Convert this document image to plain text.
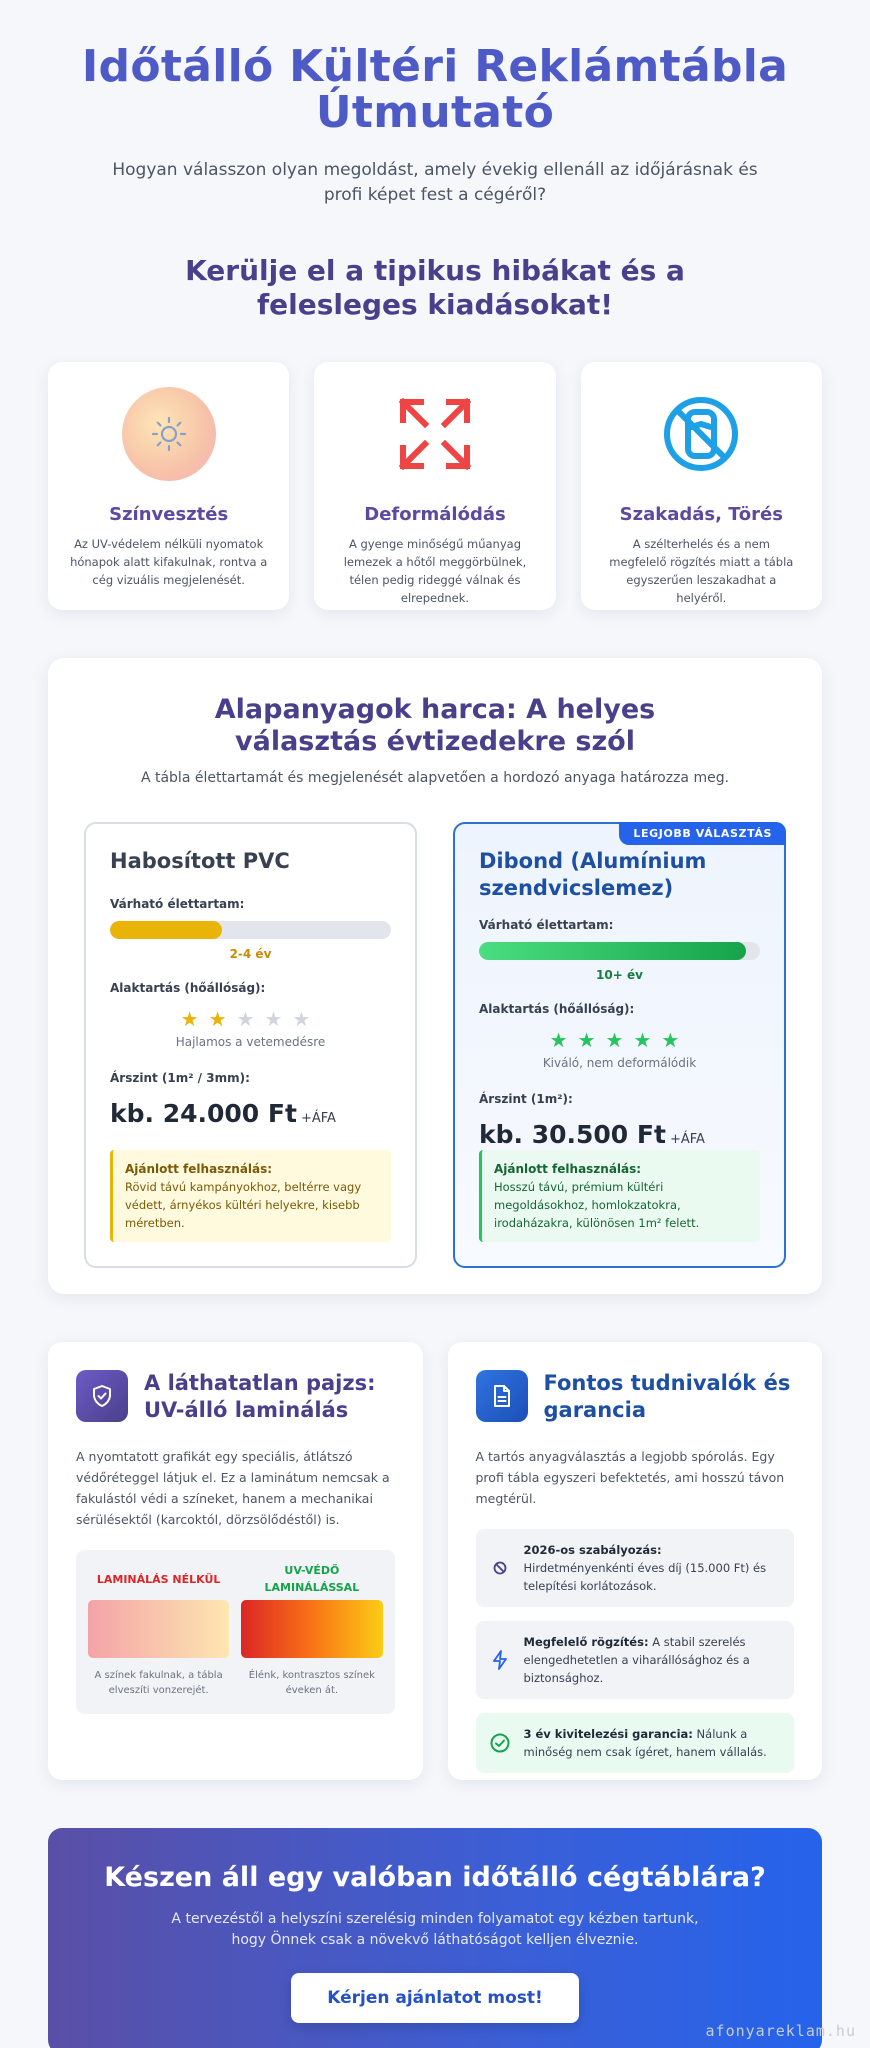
Időtálló Kültéri Reklámtábla Útmutató

Hogyan válasszon olyan megoldást, amely évekig ellenáll az időjárásnak és profi képet fest a cégéről?

Kerülje el a tipikus hibákat és a felesleges kiadásokat!
Színvesztés

Az UV-védelem nélküli nyomatok hónapok alatt kifakulnak, rontva a cég vizuális megjelenését.

Deformálódás

A gyenge minőségű műanyag lemezek a hőtől meggörbülnek, télen pedig rideggé válnak és elrepednek.

Szakadás, Törés

A szélterhelés és a nem megfelelő rögzítés miatt a tábla egyszerűen leszakadhat a helyéről.

Alapanyagok harca: A helyes választás évtizedekre szól

A tábla élettartamát és megjelenését alapvetően a hordozó anyaga határozza meg.

Habosított PVC
Várható élettartam:
2-4 év
Alaktartás (hőállóság):
★★★★★
Hajlamos a vetemedésre
Árszint (1m² / 3mm):
kb. 24.000 Ft +ÁFA
Ajánlott felhasználás:
Rövid távú kampányokhoz, beltérre vagy védett, árnyékos kültéri helyekre, kisebb méretben.
LEGJOBB VÁLASZTÁS
Dibond (Alumínium szendvicslemez)
Várható élettartam:
10+ év
Alaktartás (hőállóság):
★★★★★
Kiváló, nem deformálódik
Árszint (1m²):
kb. 30.500 Ft +ÁFA
Ajánlott felhasználás:
Hosszú távú, prémium kültéri megoldásokhoz, homlokzatokra, irodaházakra, különösen 1m² felett.
A láthatatlan pajzs: UV-álló laminálás

A nyomtatott grafikát egy speciális, átlátszó védőréteggel látjuk el. Ez a laminátum nemcsak a fakulástól védi a színeket, hanem a mechanikai sérülésektől (karcoktól, dörzsölődéstől) is.

LAMINÁLÁS NÉLKÜL
A színek fakulnak, a tábla elveszíti vonzerejét.
UV-VÉDŐ LAMINÁLÁSSAL
Élénk, kontrasztos színek éveken át.
Fontos tudnivalók és garancia

A tartós anyagválasztás a legjobb spórolás. Egy profi tábla egyszeri befektetés, ami hosszú távon megtérül.

2026-os szabályozás:
Hirdetményenkénti éves díj (15.000 Ft) és telepítési korlátozások.
Megfelelő rögzítés: A stabil szerelés elengedhetetlen a viharállósághoz és a biztonsághoz.
3 év kivitelezési garancia: Nálunk a minőség nem csak ígéret, hanem vállalás.
Készen áll egy valóban időtálló cégtáblára?

A tervezéstől a helyszíni szerelésig minden folyamatot egy kézben tartunk, hogy Önnek csak a növekvő láthatóságot kelljen élveznie.

Kérjen ajánlatot most!
afonyareklam.hu
